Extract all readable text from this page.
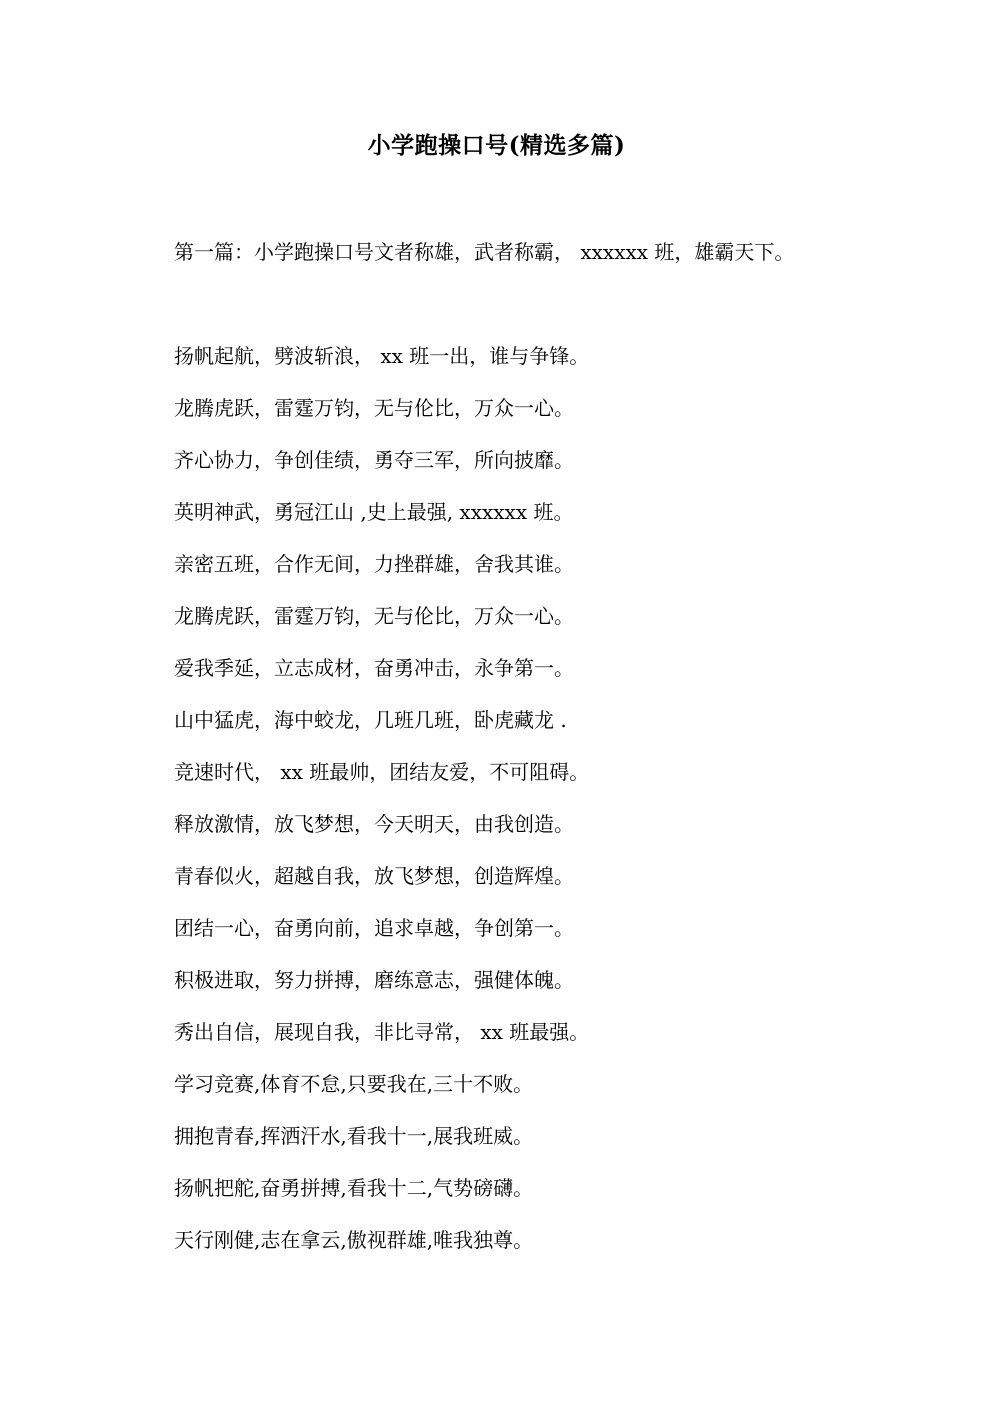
小学跑操口号(精选多篇)
第一篇：小学跑操口号文者称雄，武者称霸， xxxxxx 班，雄霸天下。
扬帆起航，劈波斩浪， xx 班一出，谁与争锋。
龙腾虎跃，雷霆万钧，无与伦比，万众一心。
齐心协力，争创佳绩，勇夺三军，所向披靡。
英明神武，勇冠江山 ,史上最强, xxxxxx 班。
亲密五班，合作无间，力挫群雄，舍我其谁。
龙腾虎跃，雷霆万钧，无与伦比，万众一心。
爱我季延，立志成材，奋勇冲击，永争第一。
山中猛虎，海中蛟龙，几班几班，卧虎藏龙 .
竞速时代， xx 班最帅，团结友爱，不可阻碍。
释放激情，放飞梦想，今天明天，由我创造。
青春似火，超越自我，放飞梦想，创造辉煌。
团结一心，奋勇向前，追求卓越，争创第一。
积极进取，努力拼搏，磨练意志，强健体魄。
秀出自信，展现自我，非比寻常， xx 班最强。
学习竞赛,体育不怠,只要我在,三十不败。
拥抱青春,挥洒汗水,看我十一,展我班威。
扬帆把舵,奋勇拼搏,看我十二,气势磅礴。
天行刚健,志在拿云,傲视群雄,唯我独尊。
